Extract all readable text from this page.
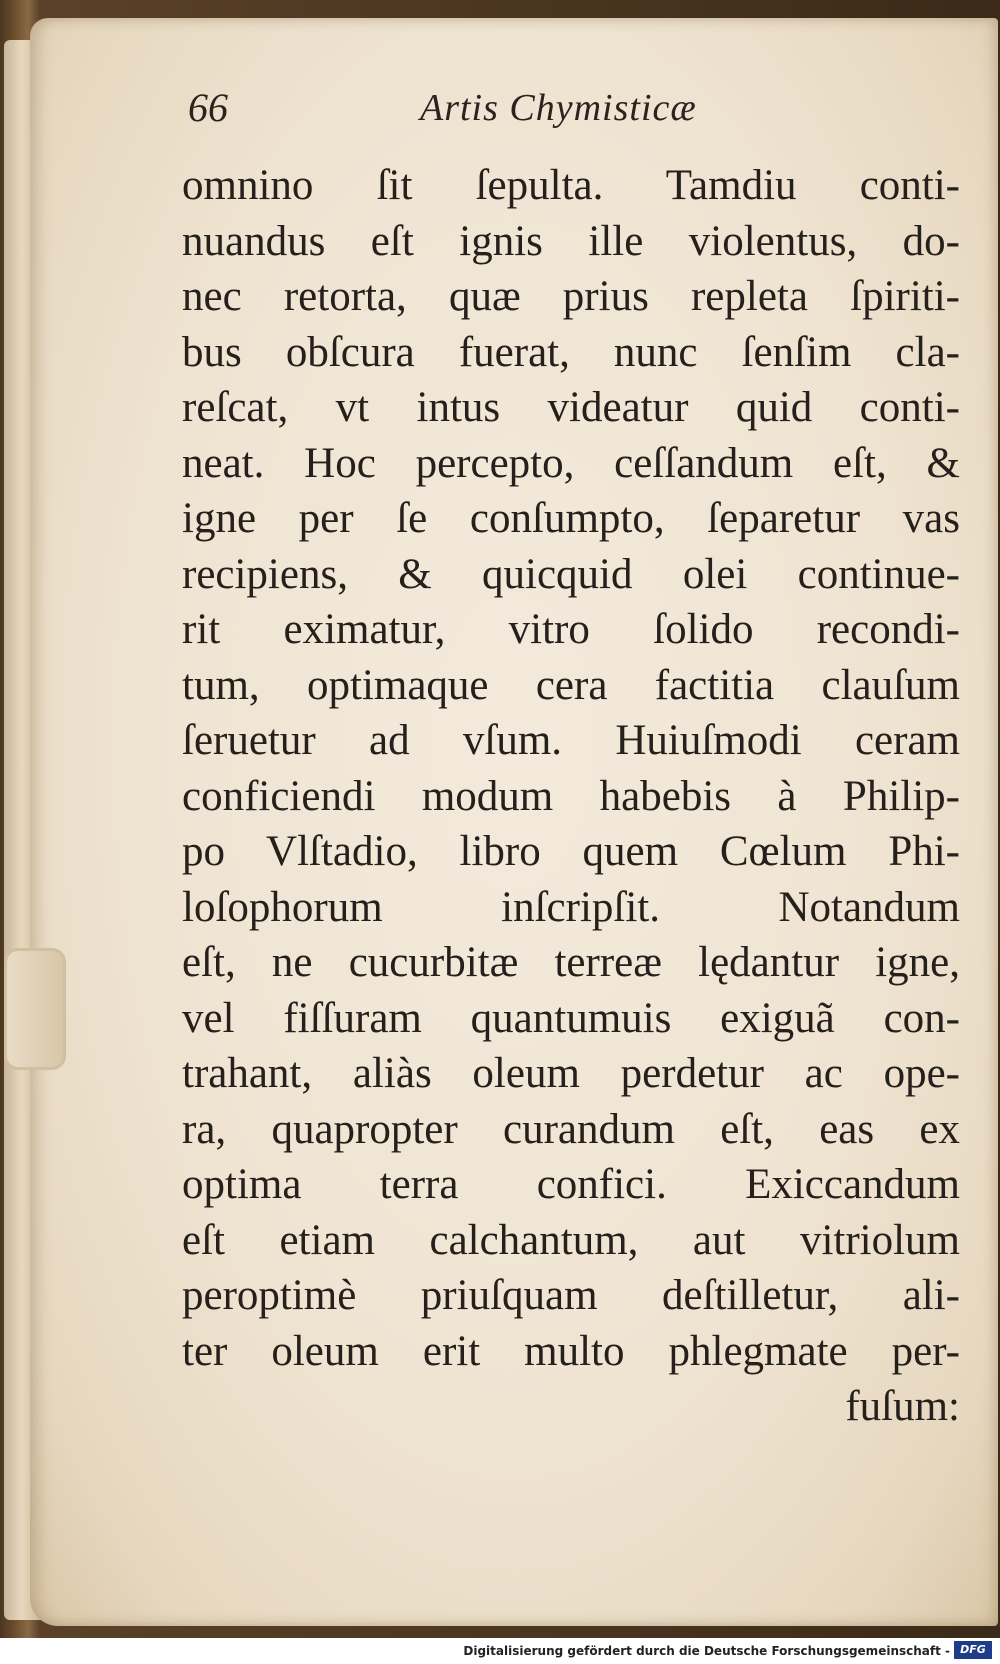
66	Artis Chymisticæ
omnino ſit ſepulta. Tamdiu conti-
nuandus eſt ignis ille violentus, do-
nec retorta, quæ prius repleta ſpiriti-
bus obſcura fuerat, nunc ſenſim cla-
reſcat, vt intus videatur quid conti-
neat. Hoc percepto, ceſſandum eſt, &
igne per ſe conſumpto, ſeparetur vas
recipiens, & quicquid olei continue-
rit eximatur, vitro ſolido recondi-
tum, optimaque cera factitia clauſum
ſeruetur ad vſum. Huiuſmodi ceram
conficiendi modum habebis à Philip-
po Vlſtadio, libro quem Cœlum Phi-
loſophorum inſcripſit. Notandum
eſt, ne cucurbitæ terreæ lędantur igne,
vel fiſſuram quantumuis exiguã con-
trahant, aliàs oleum perdetur ac ope-
ra, quapropter curandum eſt, eas ex
optima terra confici. Exiccandum
eſt etiam calchantum, aut vitriolum
peroptimè priuſquam deſtilletur, ali-
ter oleum erit multo phlegmate per-
fuſum:
Digitalisierung gefördert durch die Deutsche Forschungsgemeinschaft - DFG
